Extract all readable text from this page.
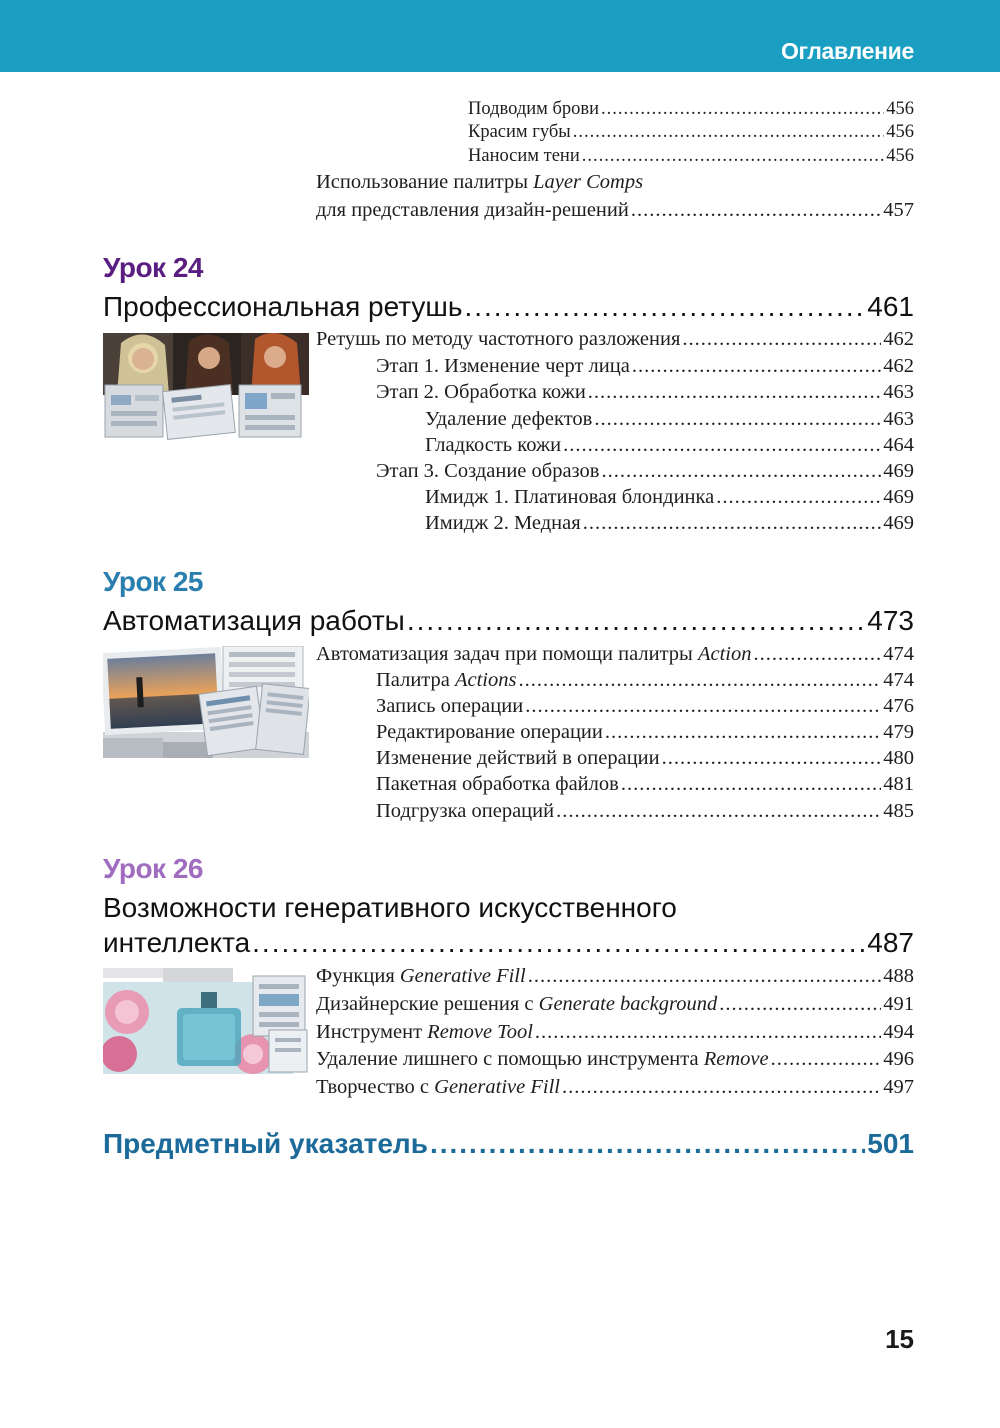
Оглавление
Подводим брови .....	456
Красим губы .....	456
Наносим тени .....	456
Использование палитры Layer Comps
для представления дизайн-решений .....	457
Урок 24
Профессиональная ретушь .....	461
Ретушь по методу частотного разложения .....	462
Этап 1. Изменение черт лица .....	462
Этап 2. Обработка кожи .....	463
Удаление дефектов .....	463
Гладкость кожи .....	464
Этап 3. Создание образов .....	469
Имидж 1. Платиновая блондинка .....	469
Имидж 2. Медная .....	469
Урок 25
Автоматизация работы .....	473
Автоматизация задач при помощи палитры Action .....	474
Палитра Actions .....	474
Запись операции .....	476
Редактирование операции .....	479
Изменение действий в операции .....	480
Пакетная обработка файлов .....	481
Подгрузка операций .....	485
Урок 26
Возможности генеративного искусственного
интеллекта .....	487
Функция Generative Fill .....	488
Дизайнерские решения с Generate background .....	491
Инструмент Remove Tool .....	494
Удаление лишнего с помощью инструмента Remove .....	496
Творчество с Generative Fill .....	497
Предметный указатель .....	501
15
